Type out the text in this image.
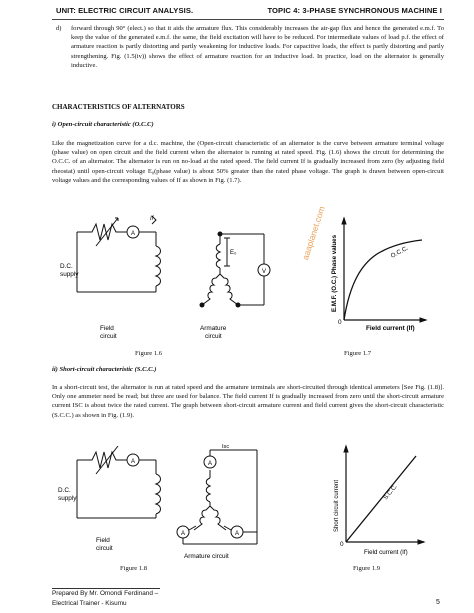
UNIT: ELECTRIC CIRCUIT ANALYSIS.	TOPIC 4: 3-PHASE SYNCHRONOUS MACHINE I
d) forward through 90° (elect.) so that it aids the armature flux. This considerably increases the air-gap flux and hence the generated e.m.f. To keep the value of the generated e.m.f. the same, the field excitation will have to be reduced. For intermediate values of load p.f. the effect of armature reaction is partly distorting and partly weakening for inductive loads. For capacitive loads, the effect is partly distorting and partly strengthening. Fig. (1.5(iv)) shows the effect of armature reaction for an inductive load. In practice, load on the alternator is generally inductive.
CHARACTERISTICS OF ALTERNATORS
i) Open-circuit characteristic (O.C.C)
Like the magnetization curve for a d.c. machine, the (Open-circuit characteristic of an alternator is the curve between armature terminal voltage (phase value) on open circuit and the field current when the alternator is running at rated speed. Fig. (1.6) shows the circuit for determining the O.C.C. of an alternator. The alternator is run on no-load at the rated speed. The field current If is gradually increased from zero (by adjusting field rheostat) until open-circuit voltage E₀(phase value) is about 50% greater than the rated phase voltage. The graph is drawn between open-circuit voltage values and the corresponding values of If as shown in Fig. (1.7).
A
V
If
E₀
D.C. supply
Field circuit
Armature circuit
0
Field current (If)
E.M.F. (O.C.) Phase values	O.C.C.
aaaplanet.com
Figure 1.6	Figure 1.7
ii) Short-circuit characteristic (S.C.C.)
In a short-circuit test, the alternator is run at rated speed and the armature terminals are short-circuited through identical ammeters [See Fig. (1.8)]. Only one ammeter need be read; but three are used for balance. The field current If is gradually increased from zero until the short-circuit armature current ISC is about twice the rated current. The graph between short-circuit armature current and field current gives the short-circuit characteristic (S.C.C.) as shown in Fig. (1.9).
A	A
A	A
Isc
D.C. supply
Field circuit
Armature circuit
0
Field current (If)
Short circuit current	S.C.C.
Figure 1.8	Figure 1.9
Prepared By Mr. Omondi Ferdinand –
Electrical Trainer - Kisumu	5
